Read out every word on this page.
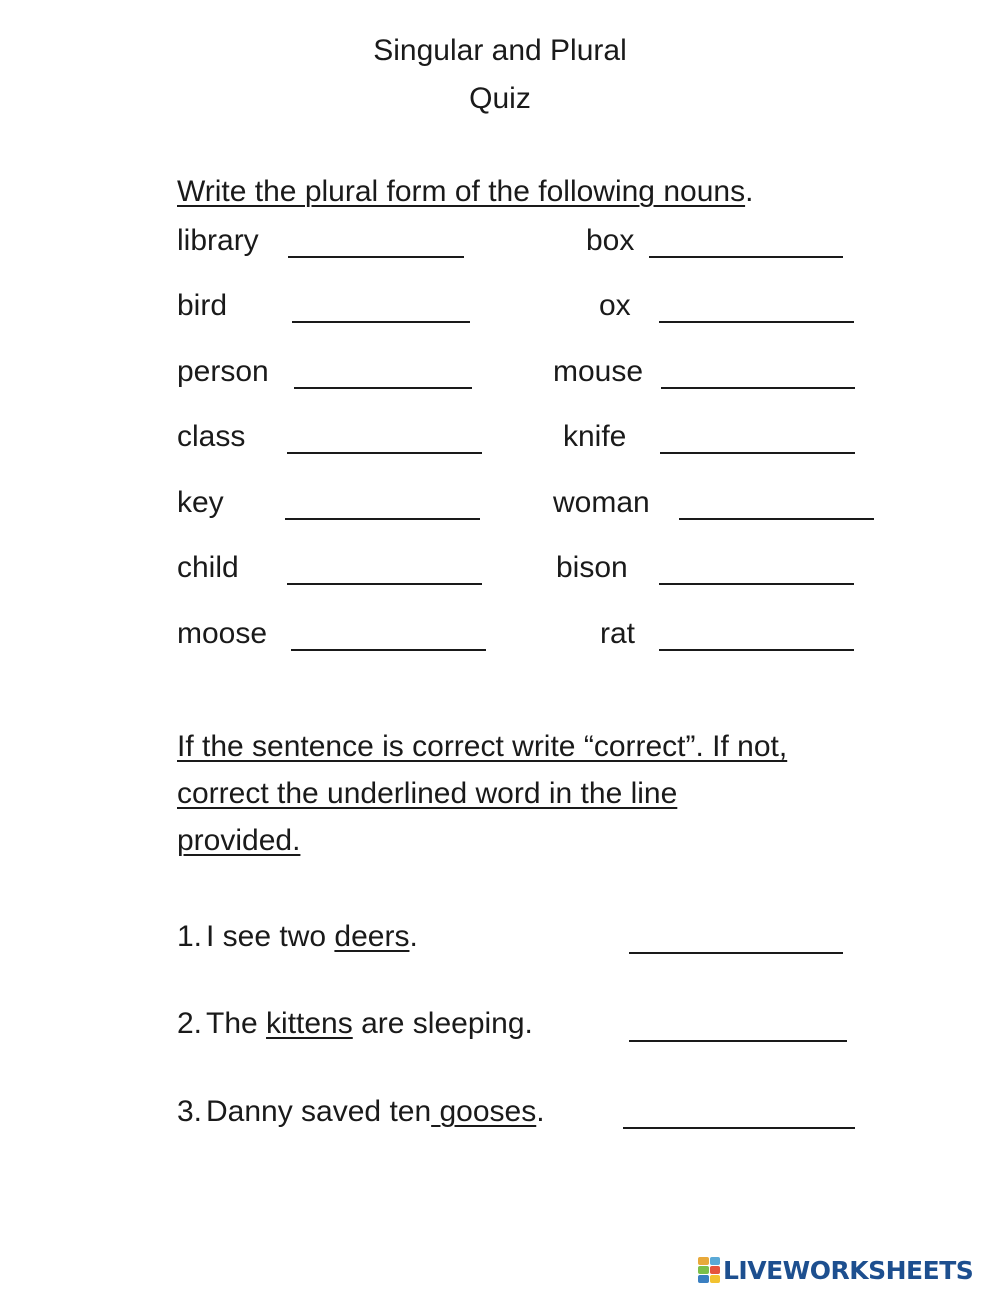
Singular and Plural
Quiz
Write the plural form of the following nouns.
library
bird
person
class
key
child
moose
box
ox
mouse
knife
woman
bison
rat
If the sentence is correct write “correct”. If not,
correct the underlined word in the line
provided.
1. I see two deers.
2. The kittens are sleeping.
3. Danny saved ten gooses.
LIVEWORKSHEETS
